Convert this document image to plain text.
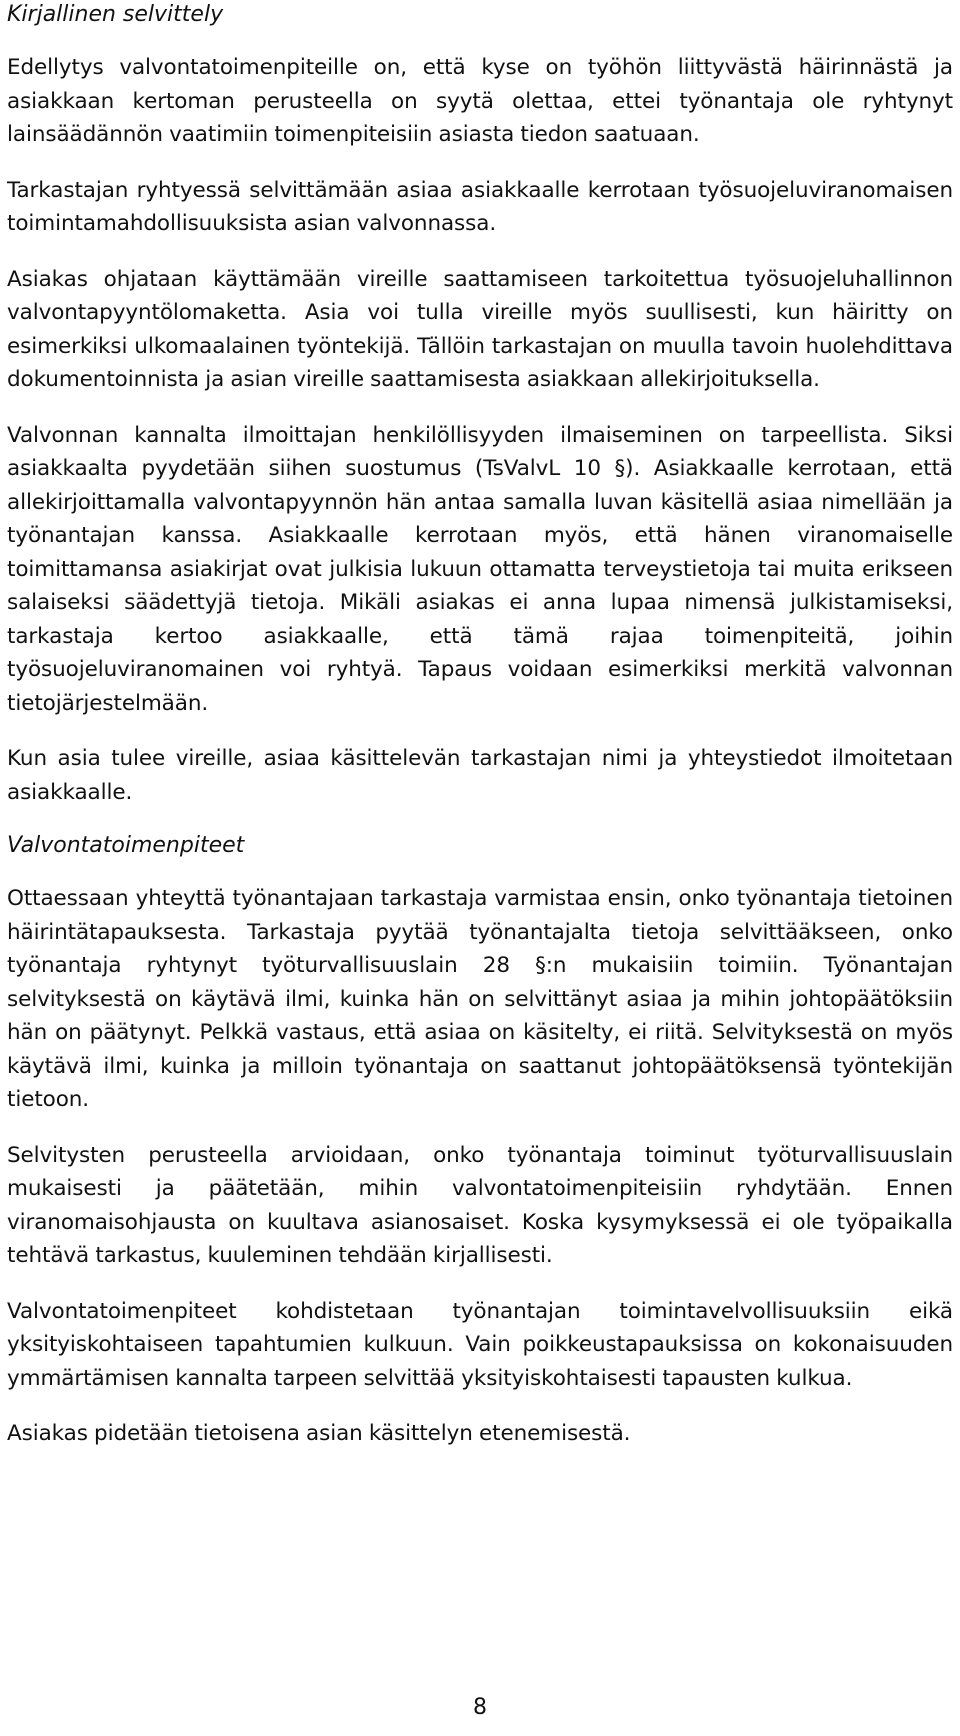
Kirjallinen selvittely

Edellytys valvontatoimenpiteille on, että kyse on työhön liittyvästä häirinnästä ja asiakkaan kertoman perusteella on syytä olettaa, ettei työnantaja ole ryhtynyt lainsäädännön vaatimiin toimenpiteisiin asiasta tiedon saatuaan.

Tarkastajan ryhtyessä selvittämään asiaa asiakkaalle kerrotaan työsuojeluviranomaisen toimintamahdollisuuksista asian valvonnassa.

Asiakas ohjataan käyttämään vireille saattamiseen tarkoitettua työsuojeluhallinnon valvontapyyntölomaketta. Asia voi tulla vireille myös suullisesti, kun häiritty on esimerkiksi ulkomaalainen työntekijä. Tällöin tarkastajan on muulla tavoin huolehdittava dokumentoinnista ja asian vireille saattamisesta asiakkaan allekirjoituksella.

Valvonnan kannalta ilmoittajan henkilöllisyyden ilmaiseminen on tarpeellista. Siksi asiakkaalta pyydetään siihen suostumus (TsValvL 10 §). Asiakkaalle kerrotaan, että allekirjoittamalla valvontapyynnön hän antaa samalla luvan käsitellä asiaa nimellään ja työnantajan kanssa. Asiakkaalle kerrotaan myös, että hänen viranomaiselle toimittamansa asiakirjat ovat julkisia lukuun ottamatta terveystietoja tai muita erikseen salaiseksi säädettyjä tietoja. Mikäli asiakas ei anna lupaa nimensä julkistamiseksi, tarkastaja kertoo asiakkaalle, että tämä rajaa toimenpiteitä, joihin työsuojeluviranomainen voi ryhtyä. Tapaus voidaan esimerkiksi merkitä valvonnan tietojärjestelmään.

Kun asia tulee vireille, asiaa käsittelevän tarkastajan nimi ja yhteystiedot ilmoitetaan asiakkaalle.

Valvontatoimenpiteet

Ottaessaan yhteyttä työnantajaan tarkastaja varmistaa ensin, onko työnantaja tietoinen häirintätapauksesta. Tarkastaja pyytää työnantajalta tietoja selvittääkseen, onko työnantaja ryhtynyt työturvallisuuslain 28 §:n mukaisiin toimiin. Työnantajan selvityksestä on käytävä ilmi, kuinka hän on selvittänyt asiaa ja mihin johtopäätöksiin hän on päätynyt. Pelkkä vastaus, että asiaa on käsitelty, ei riitä. Selvityksestä on myös käytävä ilmi, kuinka ja milloin työnantaja on saattanut johtopäätöksensä työntekijän tietoon.

Selvitysten perusteella arvioidaan, onko työnantaja toiminut työturvallisuuslain mukaisesti ja päätetään, mihin valvontatoimenpiteisiin ryhdytään. Ennen viranomaisohjausta on kuultava asianosaiset. Koska kysymyksessä ei ole työpaikalla tehtävä tarkastus, kuuleminen tehdään kirjallisesti.

Valvontatoimenpiteet kohdistetaan työnantajan toimintavelvollisuuksiin eikä yksityiskohtaiseen tapahtumien kulkuun. Vain poikkeustapauksissa on kokonaisuuden ymmärtämisen kannalta tarpeen selvittää yksityiskohtaisesti tapausten kulkua.

Asiakas pidetään tietoisena asian käsittelyn etenemisestä.

8
